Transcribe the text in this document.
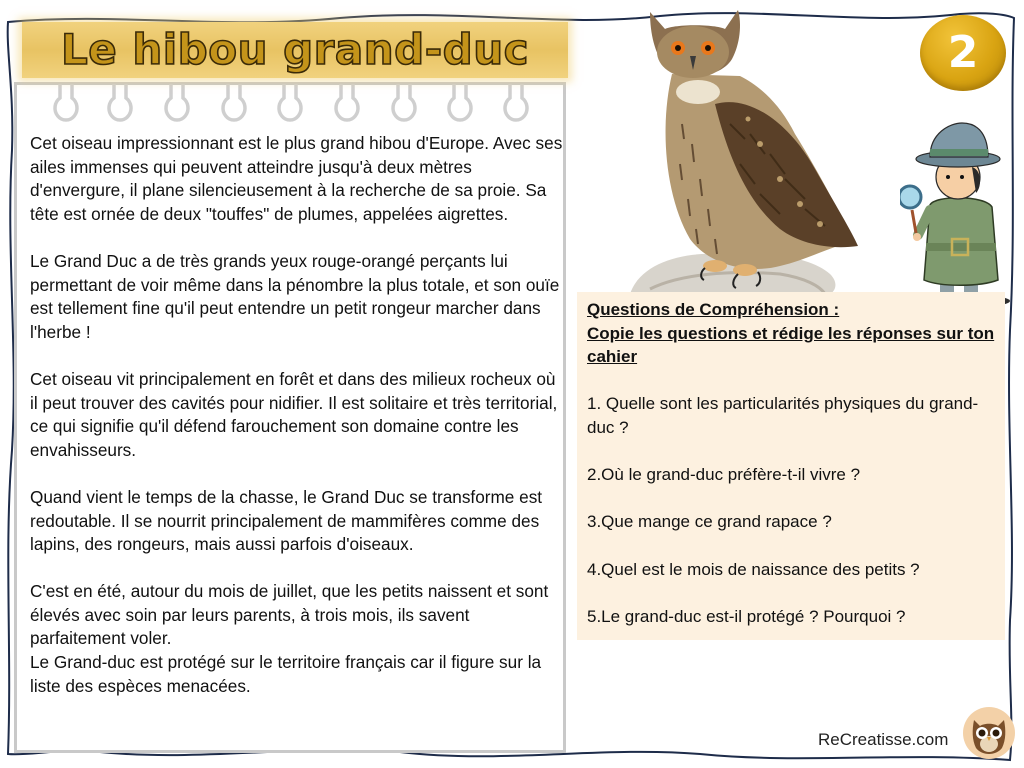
Le hibou grand-duc

Cet oiseau impressionnant est le plus grand hibou d'Europe. Avec ses ailes immenses qui peuvent atteindre jusqu'à deux mètres d'envergure, il plane silencieusement à la recherche de sa proie. Sa tête est ornée de deux "touffes" de plumes, appelées aigrettes.

Le Grand Duc a de très grands yeux rouge-orangé perçants lui permettant de voir même dans la pénombre la plus totale, et son ouïe est tellement fine qu'il peut entendre un petit rongeur marcher dans l'herbe !

Cet oiseau vit principalement en forêt et dans des milieux rocheux où il peut trouver des cavités pour nidifier. Il est solitaire et très territorial, ce qui signifie qu'il défend farouchement son domaine contre les envahisseurs.

Quand vient le temps de la chasse, le Grand Duc se transforme est redoutable. Il se nourrit principalement de mammifères comme des lapins, des rongeurs, mais aussi parfois d'oiseaux.

C'est en été, autour du mois de juillet, que les petits naissent et sont élevés avec soin par leurs parents, à trois mois, ils savent parfaitement voler.

Le Grand-duc est protégé sur le territoire français car il figure sur la liste des espèces menacées.

2
Questions de Compréhension :
Copie les questions et rédige les réponses sur ton cahier
1. Quelle sont les particularités physiques du grand-duc ?
2.Où le grand-duc préfère-t-il vivre ?
3.Que mange ce grand rapace ?
4.Quel est le mois de naissance des petits ?
5.Le grand-duc est-il protégé ? Pourquoi ?
ReCreatisse.com
